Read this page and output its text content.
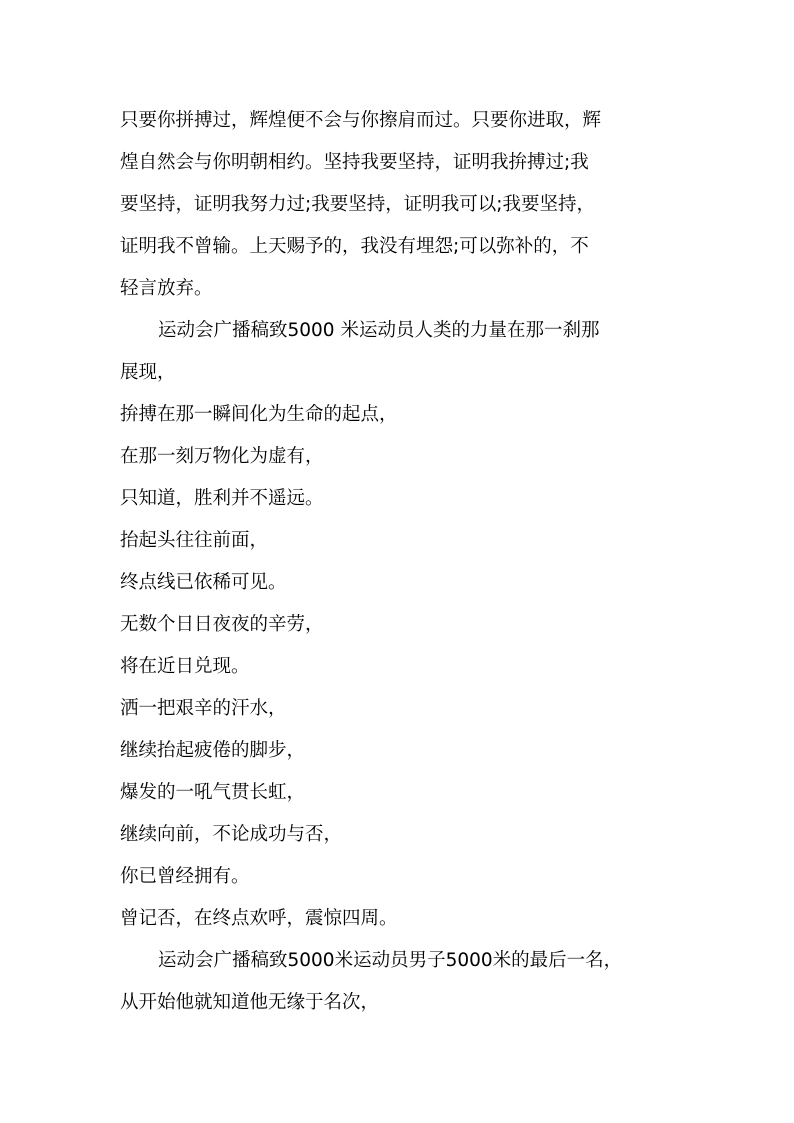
只要你拼搏过，辉煌便不会与你擦肩而过。只要你进取，辉
煌自然会与你明朝相约。坚持我要坚持，证明我拚搏过;我
要坚持，证明我努力过;我要坚持，证明我可以;我要坚持，
证明我不曾输。上天赐予的，我没有埋怨;可以弥补的，不
轻言放弃。

运动会广播稿致5000 米运动员人类的力量在那一刹那
展现，

拚搏在那一瞬间化为生命的起点，

在那一刻万物化为虚有，

只知道，胜利并不遥远。

抬起头往往前面，

终点线已依稀可见。

无数个日日夜夜的辛劳，

将在近日兑现。

洒一把艰辛的汗水，

继续抬起疲倦的脚步，

爆发的一吼气贯长虹，

继续向前，不论成功与否，

你已曾经拥有。

曾记否，在终点欢呼，震惊四周。

运动会广播稿致5000米运动员男子5000米的最后一名，
从开始他就知道他无缘于名次，
